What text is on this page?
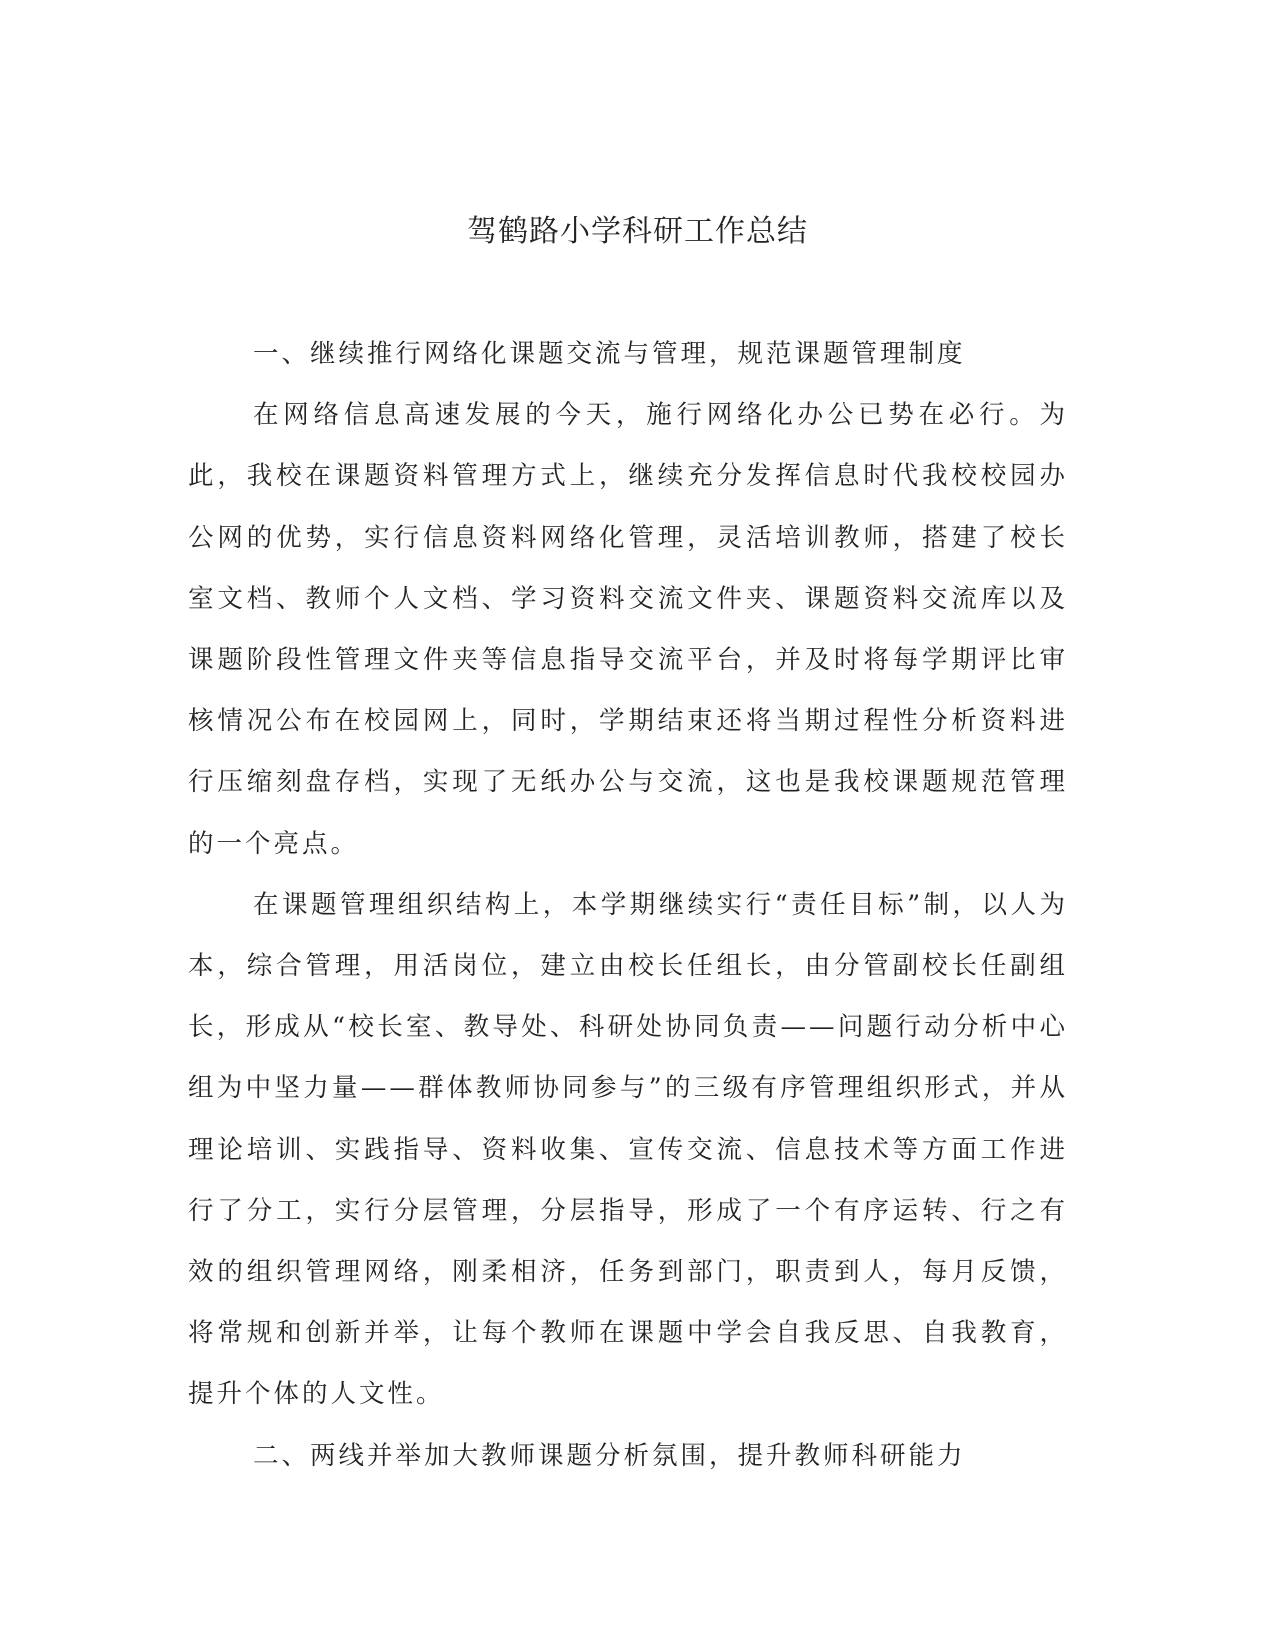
驾鹤路小学科研工作总结

一、继续推行网络化课题交流与管理，规范课题管理制度

在网络信息高速发展的今天，施行网络化办公已势在必行。为此，我校在课题资料管理方式上，继续充分发挥信息时代我校校园办公网的优势，实行信息资料网络化管理，灵活培训教师，搭建了校长室文档、教师个人文档、学习资料交流文件夹、课题资料交流库以及课题阶段性管理文件夹等信息指导交流平台，并及时将每学期评比审核情况公布在校园网上，同时，学期结束还将当期过程性分析资料进行压缩刻盘存档，实现了无纸办公与交流，这也是我校课题规范管理的一个亮点。

在课题管理组织结构上，本学期继续实行“责任目标”制，以人为本，综合管理，用活岗位，建立由校长任组长，由分管副校长任副组长，形成从“校长室、教导处、科研处协同负责——问题行动分析中心组为中坚力量——群体教师协同参与”的三级有序管理组织形式，并从理论培训、实践指导、资料收集、宣传交流、信息技术等方面工作进行了分工，实行分层管理，分层指导，形成了一个有序运转、行之有效的组织管理网络，刚柔相济，任务到部门，职责到人，每月反馈，将常规和创新并举，让每个教师在课题中学会自我反思、自我教育，提升个体的人文性。

二、两线并举加大教师课题分析氛围，提升教师科研能力
